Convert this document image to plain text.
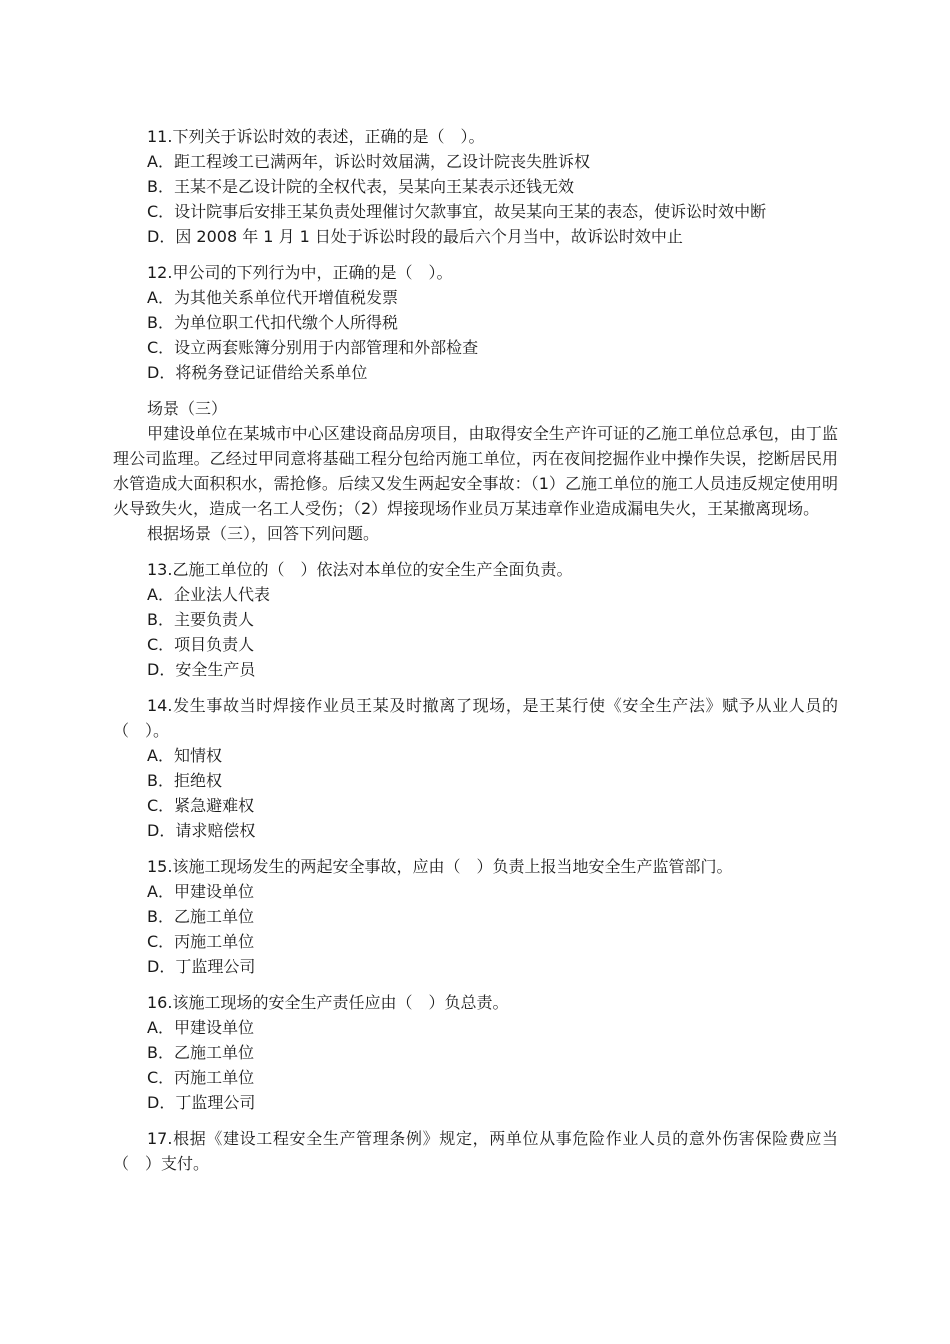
11.下列关于诉讼时效的表述，正确的是（　）。
A．距工程竣工已满两年，诉讼时效届满，乙设计院丧失胜诉权
B．王某不是乙设计院的全权代表，吴某向王某表示还钱无效
C．设计院事后安排王某负责处理催讨欠款事宜，故吴某向王某的表态，使诉讼时效中断
D．因 2008 年 1 月 1 日处于诉讼时段的最后六个月当中，故诉讼时效中止
12.甲公司的下列行为中，正确的是（　）。
A．为其他关系单位代开增值税发票
B．为单位职工代扣代缴个人所得税
C．设立两套账簿分别用于内部管理和外部检查
D．将税务登记证借给关系单位
场景（三）
甲建设单位在某城市中心区建设商品房项目，由取得安全生产许可证的乙施工单位总承包，由丁监理公司监理。乙经过甲同意将基础工程分包给丙施工单位，丙在夜间挖掘作业中操作失误，挖断居民用水管造成大面积积水，需抢修。后续又发生两起安全事故：（1）乙施工单位的施工人员违反规定使用明火导致失火，造成一名工人受伤；（2）焊接现场作业员万某违章作业造成漏电失火，王某撤离现场。
根据场景（三），回答下列问题。
13.乙施工单位的（　）依法对本单位的安全生产全面负责。
A．企业法人代表
B．主要负责人
C．项目负责人
D．安全生产员
14.发生事故当时焊接作业员王某及时撤离了现场，是王某行使《安全生产法》赋予从业人员的（　）。
A．知情权
B．拒绝权
C．紧急避难权
D．请求赔偿权
15.该施工现场发生的两起安全事故，应由（　）负责上报当地安全生产监管部门。
A．甲建设单位
B．乙施工单位
C．丙施工单位
D．丁监理公司
16.该施工现场的安全生产责任应由（　）负总责。
A．甲建设单位
B．乙施工单位
C．丙施工单位
D．丁监理公司
17.根据《建设工程安全生产管理条例》规定，两单位从事危险作业人员的意外伤害保险费应当（　）支付。
